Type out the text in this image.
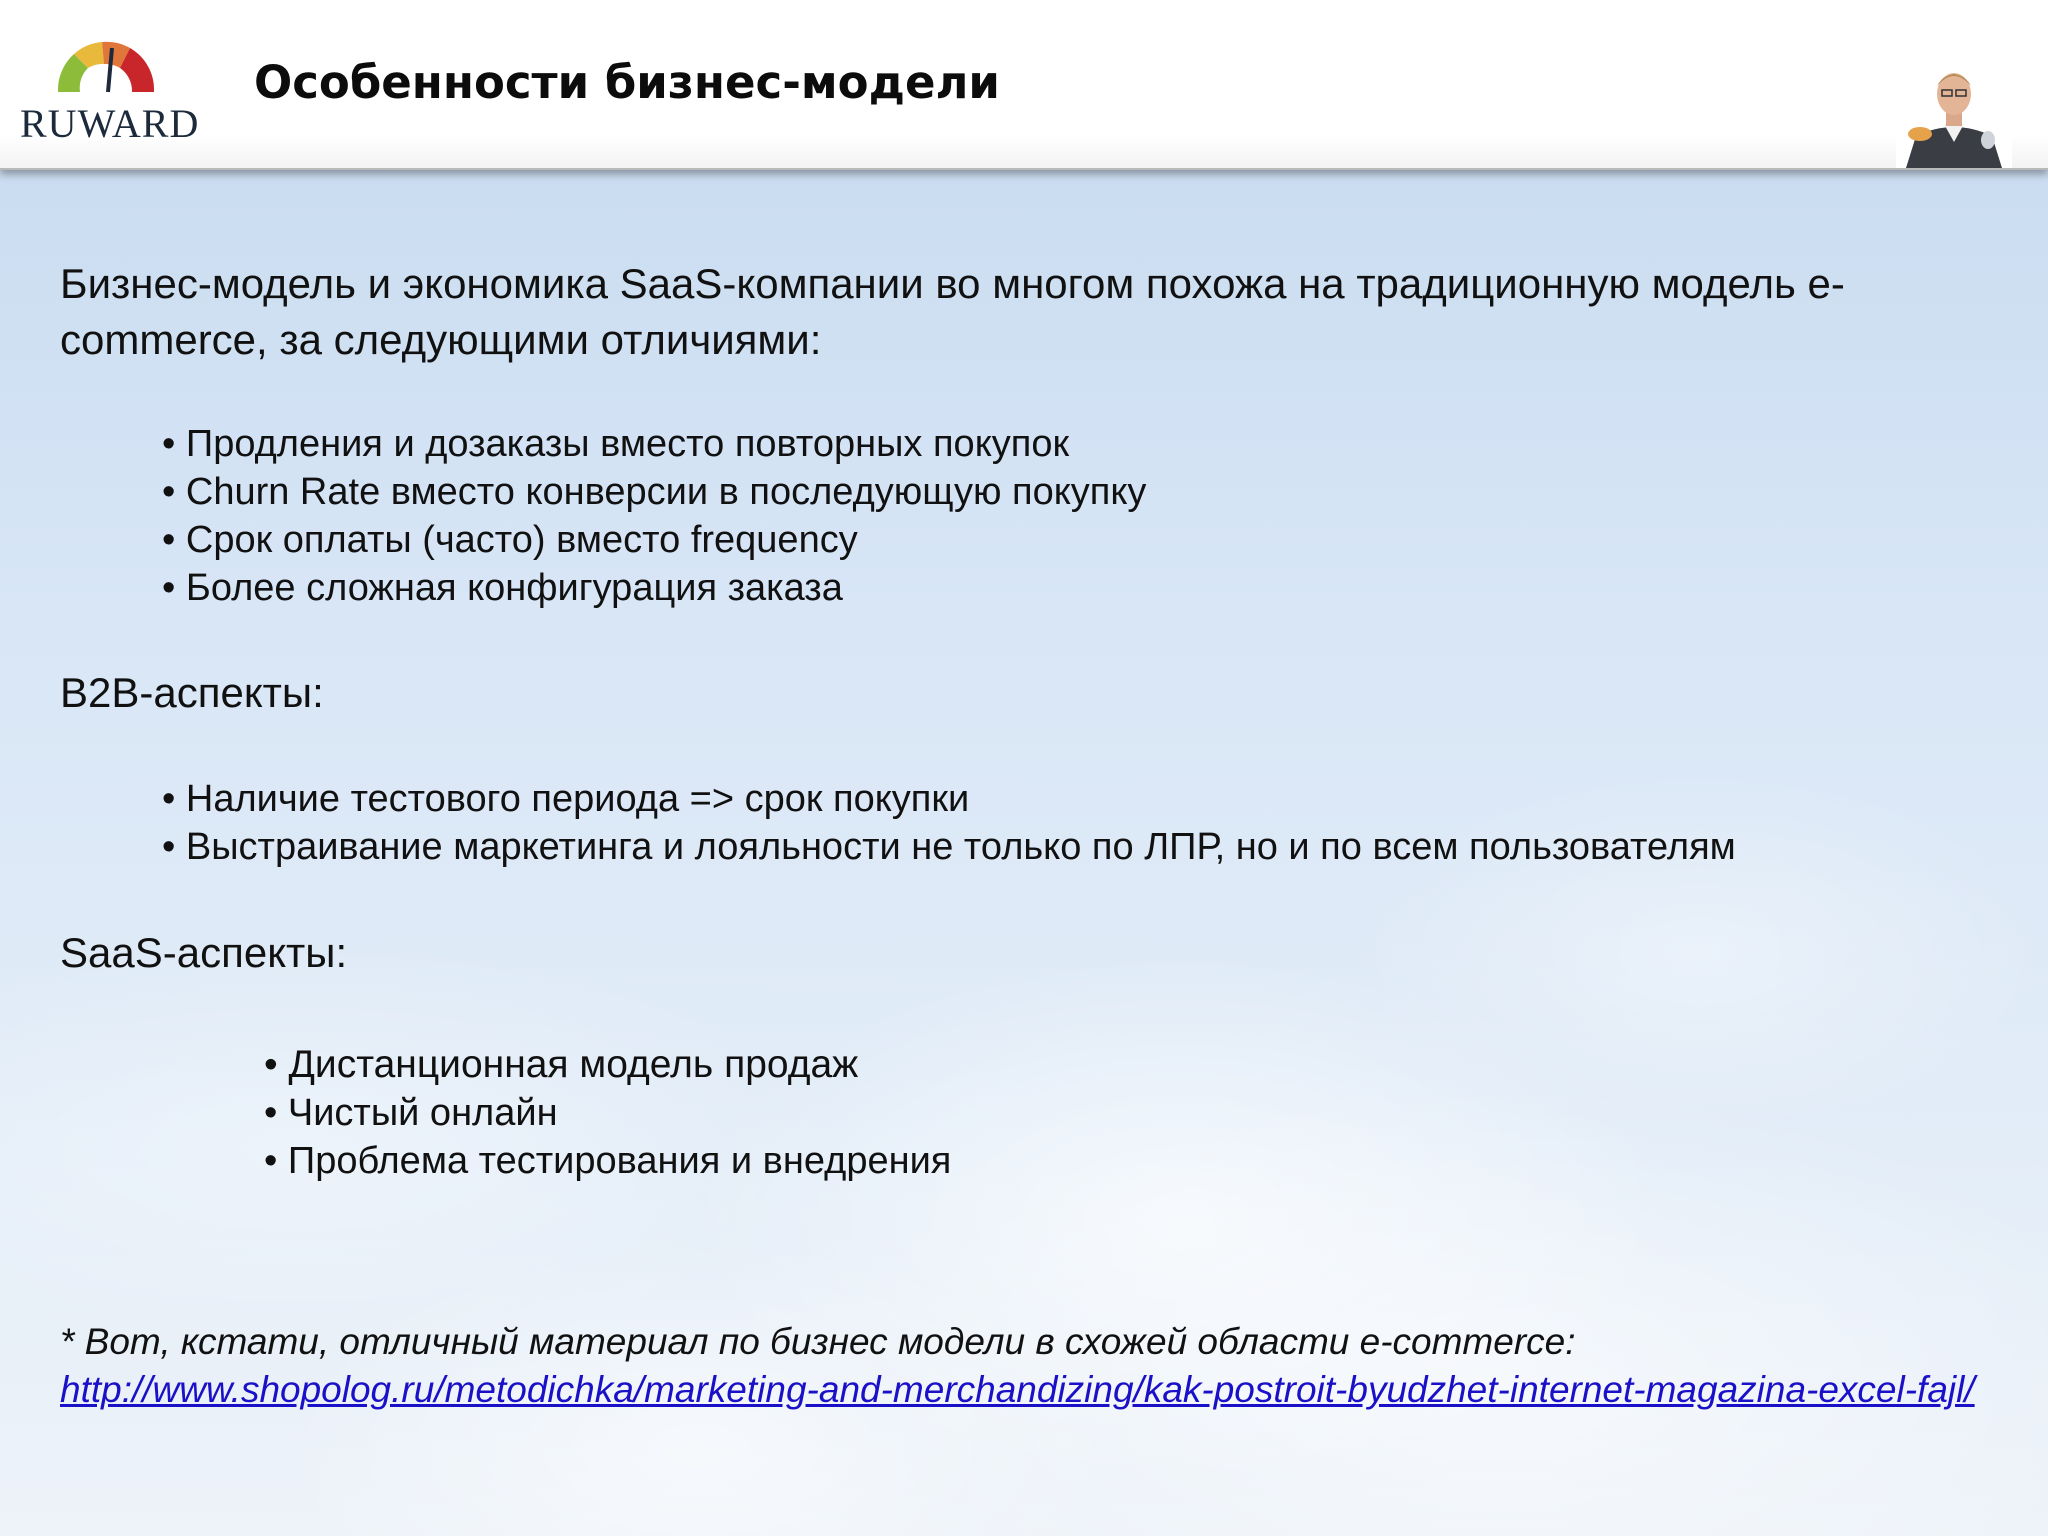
RUWARD
Особенности бизнес-модели

Бизнес-модель и экономика SaaS-компании во многом похожа на традиционную модель e-commerce, за следующими отличиями:

• Продления и дозаказы вместо повторных покупок
• Churn Rate вместо конверсии в последующую покупку
• Срок оплаты (часто) вместо frequency
• Более сложная конфигурация заказа

B2B-аспекты:

• Наличие тестового периода => срок покупки
• Выстраивание маркетинга и лояльности не только по ЛПР, но и по всем пользователям

SaaS-аспекты:

• Дистанционная модель продаж
• Чистый онлайн
• Проблема тестирования и внедрения
* Вот, кстати, отличный материал по бизнес модели в схожей области e-commerce:
http://www.shopolog.ru/metodichka/marketing-and-merchandizing/kak-postroit-byudzhet-internet-magazina-excel-fajl/
